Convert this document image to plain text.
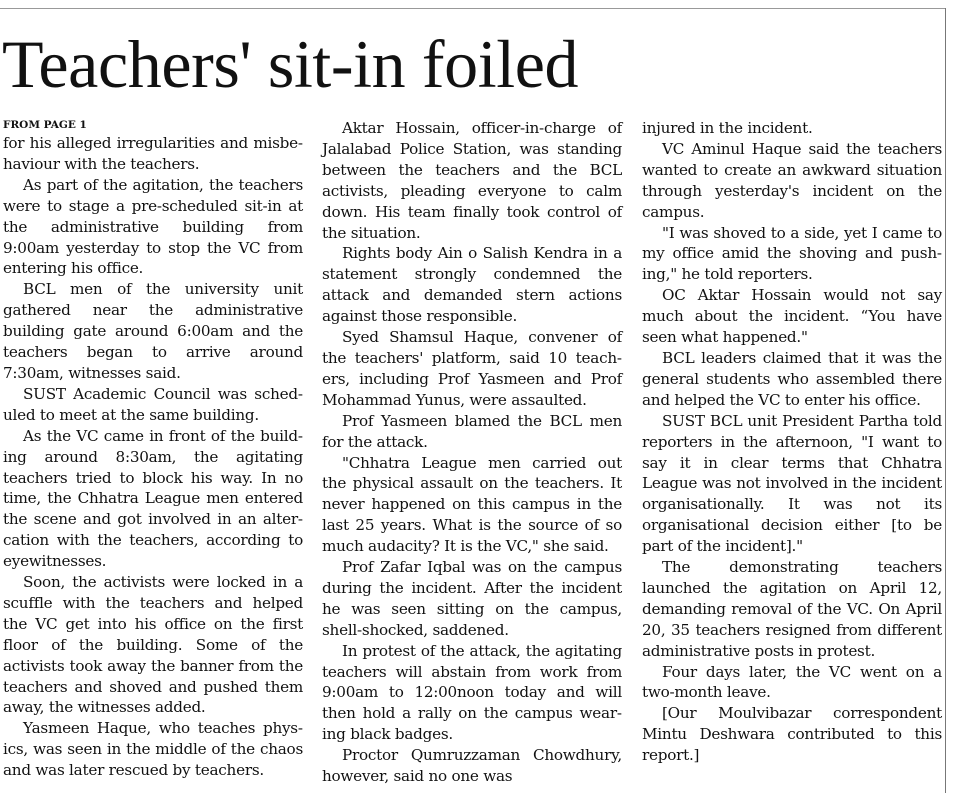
Teachers' sit-in foiled
FROM PAGE 1

for his alleged irregularities and misbehaviour with the teachers.

As part of the agitation, the teachers were to stage a pre-scheduled sit-in at the administrative building from 9:00am yesterday to stop the VC from entering his office.

BCL men of the university unit gathered near the administrative building gate around 6:00am and the teachers began to arrive around 7:30am, witnesses said.

SUST Academic Council was scheduled to meet at the same building.

As the VC came in front of the building around 8:30am, the agitating teachers tried to block his way. In no time, the Chhatra League men entered the scene and got involved in an altercation with the teachers, according to eyewitnesses.

Soon, the activists were locked in a scuffle with the teachers and helped the VC get into his office on the first floor of the building. Some of the activists took away the banner from the teachers and shoved and pushed them away, the witnesses added.

Yasmeen Haque, who teaches physics, was seen in the middle of the chaos and was later rescued by teachers.

Aktar Hossain, officer-in-charge of Jalalabad Police Station, was standing between the teachers and the BCL activists, pleading everyone to calm down. His team finally took control of the situation.

Rights body Ain o Salish Kendra in a statement strongly condemned the attack and demanded stern actions against those responsible.

Syed Shamsul Haque, convener of the teachers' platform, said 10 teachers, including Prof Yasmeen and Prof Mohammad Yunus, were assaulted.

Prof Yasmeen blamed the BCL men for the attack.

"Chhatra League men carried out the physical assault on the teachers. It never happened on this campus in the last 25 years. What is the source of so much audacity? It is the VC," she said.

Prof Zafar Iqbal was on the campus during the incident. After the incident he was seen sitting on the campus, shell-shocked, saddened.

In protest of the attack, the agitating teachers will abstain from work from 9:00am to 12:00noon today and will then hold a rally on the campus wearing black badges.

Proctor Qumruzzaman Chowdhury, however, said no one was

injured in the incident.

VC Aminul Haque said the teachers wanted to create an awkward situation through yesterday's incident on the campus.

"I was shoved to a side, yet I came to my office amid the shoving and pushing," he told reporters.

OC Aktar Hossain would not say much about the incident. “You have seen what happened."

BCL leaders claimed that it was the general students who assembled there and helped the VC to enter his office.

SUST BCL unit President Partha told reporters in the afternoon, "I want to say it in clear terms that Chhatra League was not involved in the incident organisationally. It was not its organisational decision either [to be part of the incident]."

The demonstrating teachers launched the agitation on April 12, demanding removal of the VC. On April 20, 35 teachers resigned from different administrative posts in protest.

Four days later, the VC went on a two-month leave.

[Our Moulvibazar correspondent Mintu Deshwara contributed to this report.]
